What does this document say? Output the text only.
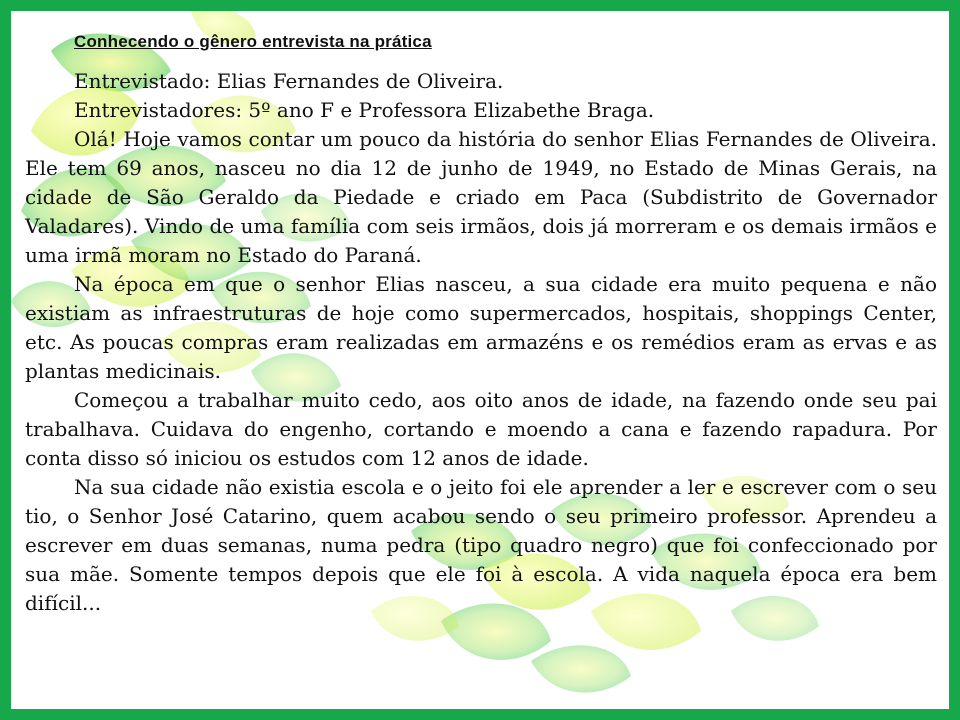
Conhecendo o gênero entrevista na prática

Entrevistado: Elias Fernandes de Oliveira.

Entrevistadores: 5º ano F e Professora Elizabethe Braga.

Olá! Hoje vamos contar um pouco da história do senhor Elias Fernandes de Oliveira. Ele tem 69 anos, nasceu no dia 12 de junho de 1949, no Estado de Minas Gerais, na cidade de São Geraldo da Piedade e criado em Paca (Subdistrito de Governador Valadares). Vindo de uma família com seis irmãos, dois já morreram e os demais irmãos e uma irmã moram no Estado do Paraná.

Na época em que o senhor Elias nasceu, a sua cidade era muito pequena e não existiam as infraestruturas de hoje como supermercados, hospitais, shoppings Center, etc. As poucas compras eram realizadas em armazéns e os remédios eram as ervas e as plantas medicinais.

Começou a trabalhar muito cedo, aos oito anos de idade, na fazendo onde seu pai trabalhava. Cuidava do engenho, cortando e moendo a cana e fazendo rapadura. Por conta disso só iniciou os estudos com 12 anos de idade.

Na sua cidade não existia escola e o jeito foi ele aprender a ler e escrever com o seu tio, o Senhor José Catarino, quem acabou sendo o seu primeiro professor. Aprendeu a escrever em duas semanas, numa pedra (tipo quadro negro) que foi confeccionado por sua mãe. Somente tempos depois que ele foi à escola. A vida naquela época era bem difícil...
